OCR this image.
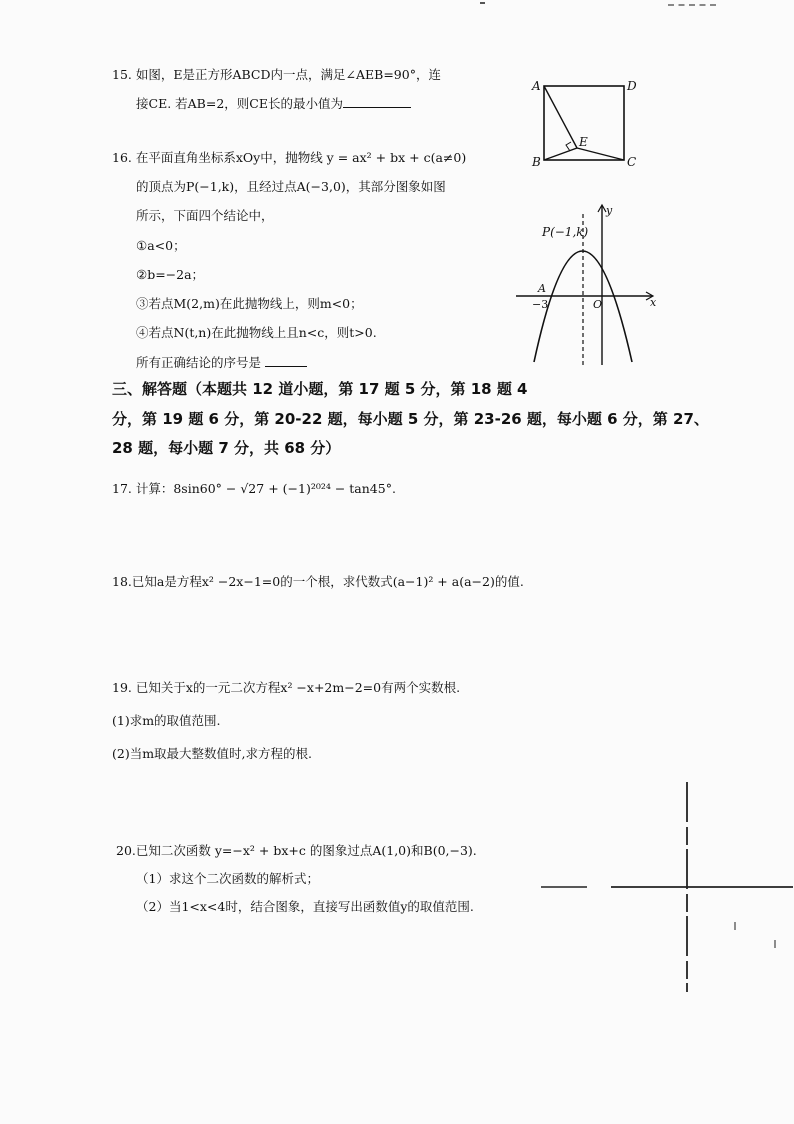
15. 如图，E是正方形ABCD内一点，满足∠AEB=90°，连
接CE. 若AB=2，则CE长的最小值为
A	D
B	C
E
16. 在平面直角坐标系xOy中，抛物线 y = ax² + bx + c(a≠0)
的顶点为P(−1,k)，且经过点A(−3,0)，其部分图象如图
所示，下面四个结论中，
①a<0；
②b=−2a；
③若点M(2,m)在此抛物线上，则m<0；
④若点N(t,n)在此抛物线上且n<c，则t>0.
所有正确结论的序号是
P(−1,k)
A
−3	O	x
y
三、解答题（本题共 12 道小题，第 17 题 5 分，第 18 题 4
分，第 19 题 6 分，第 20-22 题，每小题 5 分，第 23-26 题，每小题 6 分，第 27、
28 题，每小题 7 分，共 68 分）
17. 计算：8sin60° − √27 + (−1)²⁰²⁴ − tan45°.
18.已知a是方程x² −2x−1=0的一个根，求代数式(a−1)² + a(a−2)的值.
19. 已知关于x的一元二次方程x² −x+2m−2=0有两个实数根.
(1)求m的取值范围.
(2)当m取最大整数值时,求方程的根.
20.已知二次函数 y=−x² + bx+c 的图象过点A(1,0)和B(0,−3).
（1）求这个二次函数的解析式；
（2）当1<x<4时，结合图象，直接写出函数值y的取值范围.
